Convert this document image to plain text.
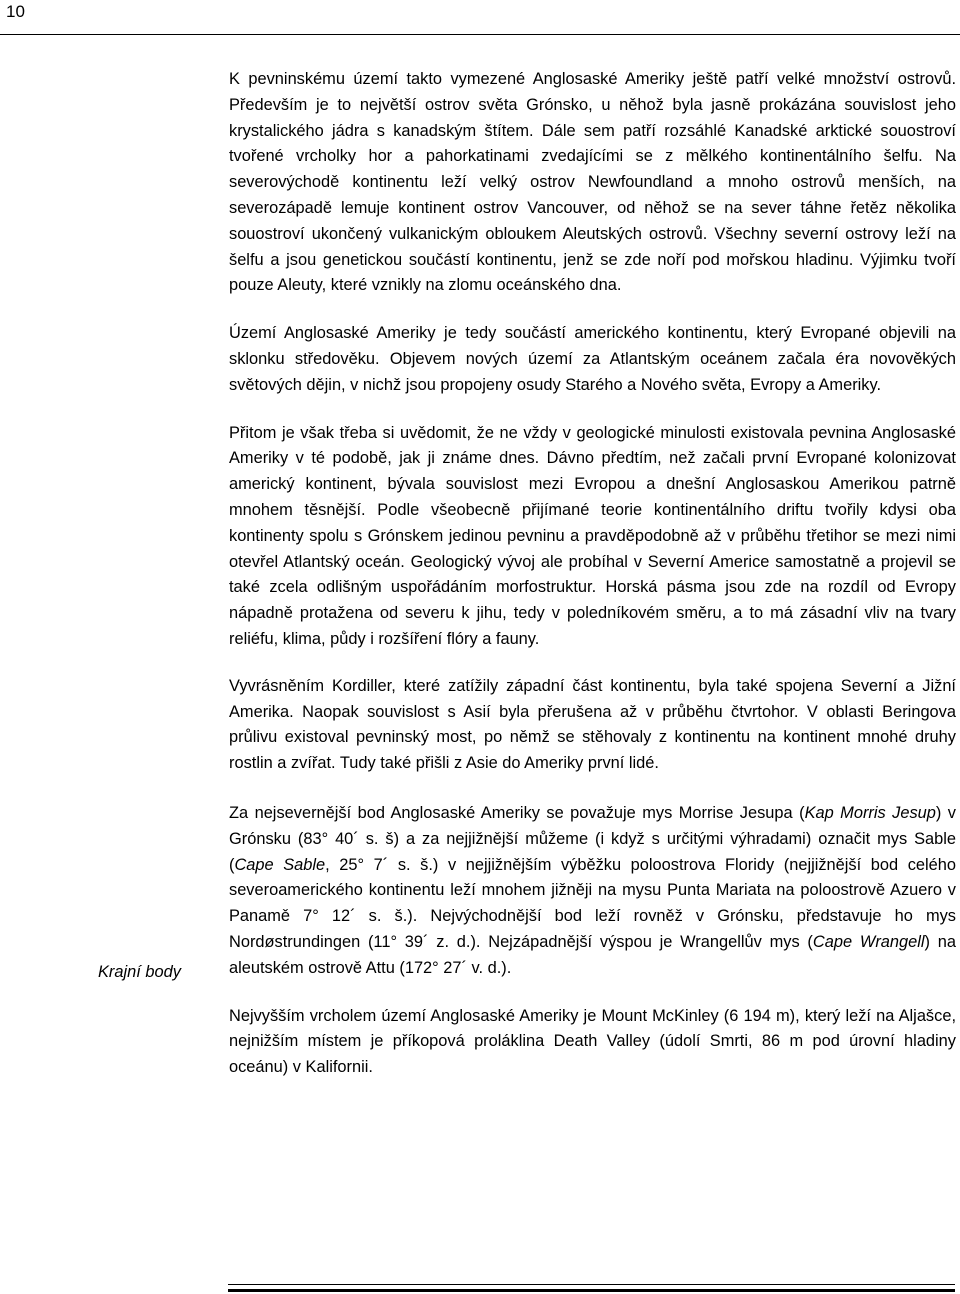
10
Krajní body

K pevninskému území takto vymezené Anglosaské Ameriky ještě patří velké množství ostrovů. Především je to největší ostrov světa Grónsko, u něhož byla jasně prokázána souvislost jeho krystalického jádra s kanadským štítem. Dále sem patří rozsáhlé Kanadské arktické souostroví tvořené vrcholky hor a pahorkatinami zvedajícími se z mělkého kontinentálního šelfu. Na severovýchodě kontinentu leží velký ostrov Newfoundland a mnoho ostrovů menších, na severozápadě lemuje kontinent ostrov Vancouver, od něhož se na sever táhne řetěz několika souostroví ukončený vulkanickým obloukem Aleutských ostrovů. Všechny severní ostrovy leží na šelfu a jsou genetickou součástí kontinentu, jenž se zde noří pod mořskou hladinu. Výjimku tvoří pouze Aleuty, které vznikly na zlomu oceánského dna.

Území Anglosaské Ameriky je tedy součástí amerického kontinentu, který Evropané objevili na sklonku středověku. Objevem nových území za Atlantským oceánem začala éra novověkých světových dějin, v nichž jsou propojeny osudy Starého a Nového světa, Evropy a Ameriky.

Přitom je však třeba si uvědomit, že ne vždy v geologické minulosti existovala pevnina Anglosaské Ameriky v té podobě, jak ji známe dnes. Dávno předtím, než začali první Evropané kolonizovat americký kontinent, bývala souvislost mezi Evropou a dnešní Anglosaskou Amerikou patrně mnohem těsnější. Podle všeobecně přijímané teorie kontinentálního driftu tvořily kdysi oba kontinenty spolu s Grónskem jedinou pevninu a pravděpodobně až v průběhu třetihor se mezi nimi otevřel Atlantský oceán. Geologický vývoj ale probíhal v Severní Americe samostatně a projevil se také zcela odlišným uspořádáním morfostruktur. Horská pásma jsou zde na rozdíl od Evropy nápadně protažena od severu k jihu, tedy v poledníkovém směru, a to má zásadní vliv na tvary reliéfu, klima, půdy i rozšíření flóry a fauny.

Vyvrásněním Kordiller, které zatížily západní část kontinentu, byla také spojena Severní a Jižní Amerika. Naopak souvislost s Asií byla přerušena až v průběhu čtvrtohor. V oblasti Beringova průlivu existoval pevninský most, po němž se stěhovaly z kontinentu na kontinent mnohé druhy rostlin a zvířat. Tudy také přišli z Asie do Ameriky první lidé.

Za nejsevernější bod Anglosaské Ameriky se považuje mys Morrise Jesupa (Kap Morris Jesup) v Grónsku (83° 40´ s. š) a za nejjižnější můžeme (i když s určitými výhradami) označit mys Sable (Cape Sable, 25° 7´ s. š.) v nejjižnějším výběžku poloostrova Floridy (nejjižnější bod celého severoamerického kontinentu leží mnohem jižněji na mysu Punta Mariata na poloostrově Azuero v Panamě 7° 12´ s. š.). Nejvýchodnější bod leží rovněž v Grónsku, představuje ho mys Nordøstrundingen (11° 39´ z. d.). Nejzápadnější výspou je Wrangellův mys (Cape Wrangell) na aleutském ostrově Attu (172° 27´ v. d.).

Nejvyšším vrcholem území Anglosaské Ameriky je Mount McKinley (6 194 m), který leží na Aljašce, nejnižším místem je příkopová proláklina Death Valley (údolí Smrti, 86 m pod úrovní hladiny oceánu) v Kalifornii.
